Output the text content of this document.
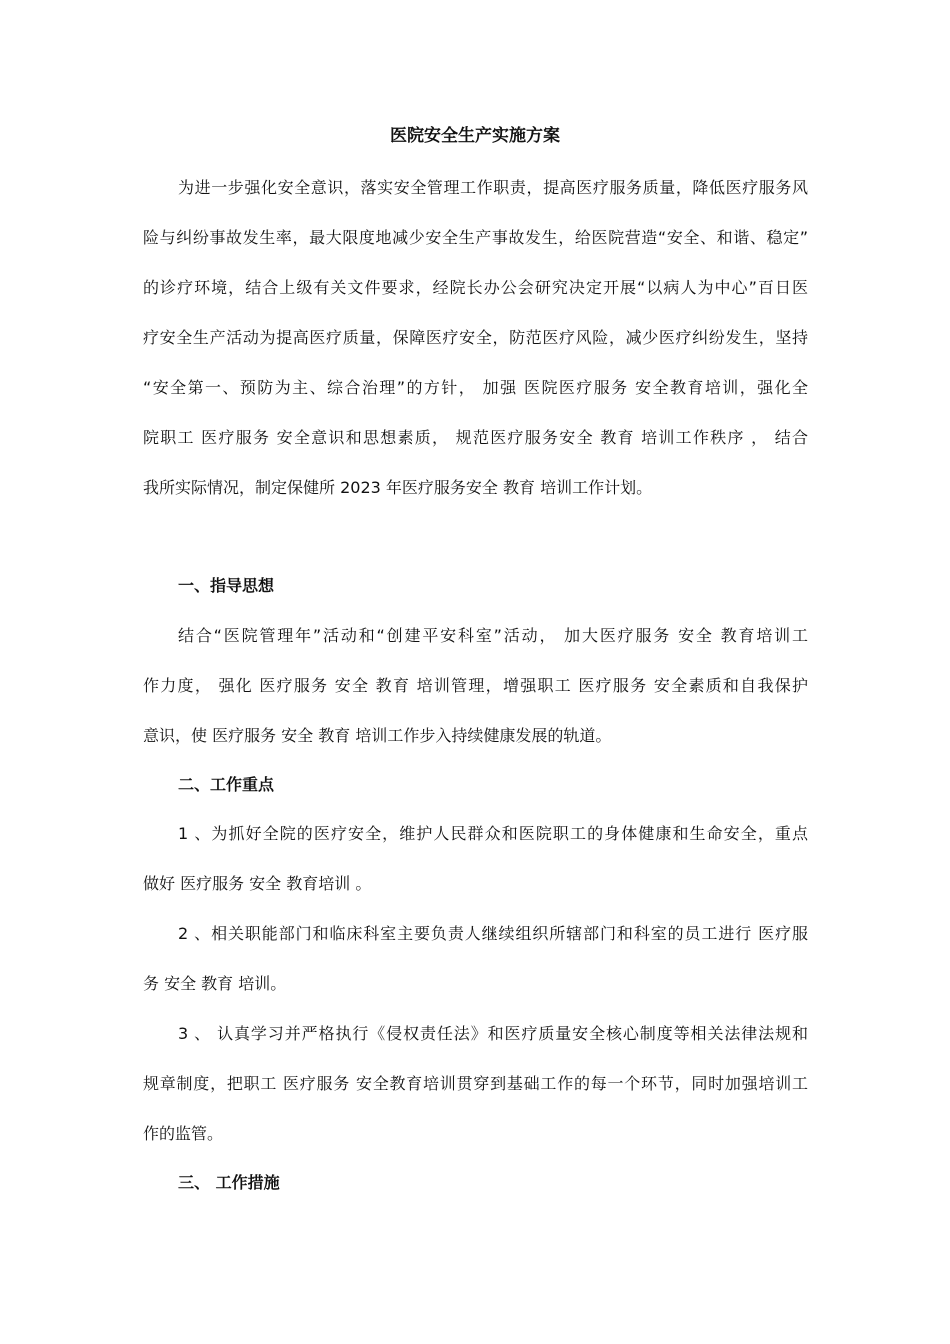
医院安全生产实施方案
为进一步强化安全意识，落实安全管理工作职责，提高医疗服务质量，降低医疗服务风
险与纠纷事故发生率，最大限度地减少安全生产事故发生，给医院营造“安全、和谐、稳定”
的诊疗环境，结合上级有关文件要求，经院长办公会研究决定开展“以病人为中心”百日医
疗安全生产活动为提高医疗质量，保障医疗安全，防范医疗风险，减少医疗纠纷发生，坚持
“安全第一、预防为主、综合治理”的方针， 加强 医院医疗服务 安全教育培训，强化全
院职工 医疗服务 安全意识和思想素质， 规范医疗服务安全 教育 培训工作秩序 ， 结合
我所实际情况，制定保健所 2023 年医疗服务安全 教育 培训工作计划。
一、指导思想
结合“医院管理年”活动和“创建平安科室”活动， 加大医疗服务 安全 教育培训工
作力度， 强化 医疗服务 安全 教育 培训管理，增强职工 医疗服务 安全素质和自我保护
意识，使 医疗服务 安全 教育 培训工作步入持续健康发展的轨道。
二、工作重点
1 、为抓好全院的医疗安全，维护人民群众和医院职工的身体健康和生命安全，重点
做好 医疗服务 安全 教育培训 。
2 、相关职能部门和临床科室主要负责人继续组织所辖部门和科室的员工进行 医疗服
务 安全 教育 培训。
3 、 认真学习并严格执行《侵权责任法》和医疗质量安全核心制度等相关法律法规和
规章制度，把职工 医疗服务 安全教育培训贯穿到基础工作的每一个环节，同时加强培训工
作的监管。
三、 工作措施
